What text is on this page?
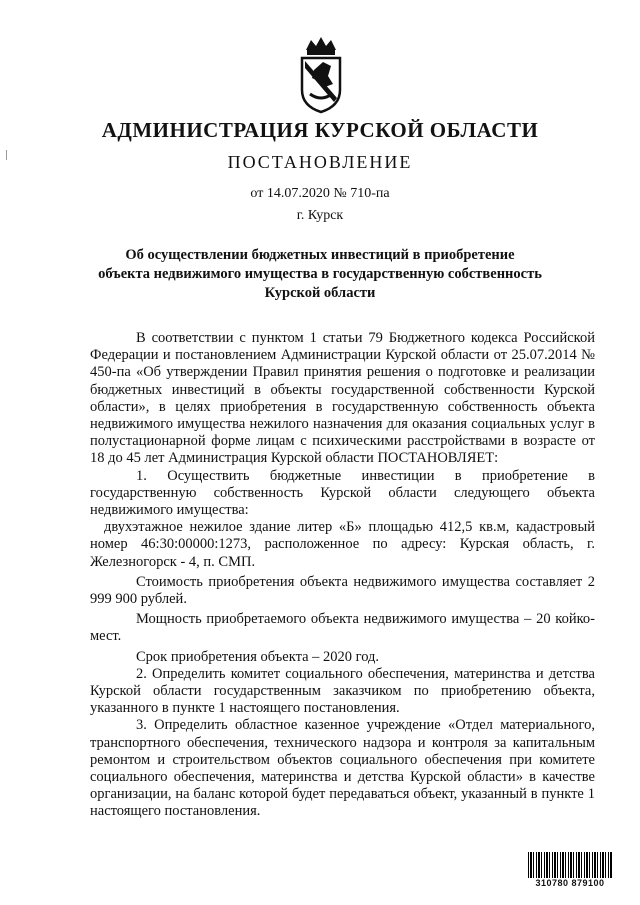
АДМИНИСТРАЦИЯ КУРСКОЙ ОБЛАСТИ
ПОСТАНОВЛЕНИЕ
от 14.07.2020 № 710-па
г. Курск
Об осуществлении бюджетных инвестиций в приобретение
объекта недвижимого имущества в государственную собственность
Курской области

В соответствии с пунктом 1 статьи 79 Бюджетного кодекса Российской Федерации и постановлением Администрации Курской области от 25.07.2014 № 450-па «Об утверждении Правил принятия решения о подготовке и реализации бюджетных инвестиций в объекты государственной собственности Курской области», в целях приобретения в государственную собственность объекта недвижимого имущества нежилого назначения для оказания социальных услуг в полустационарной форме лицам с психическими расстройствами в возрасте от 18 до 45 лет Администрация Курской области ПОСТАНОВЛЯЕТ:

1. Осуществить бюджетные инвестиции в приобретение в государственную собственность Курской области следующего объекта недвижимого имущества:

двухэтажное нежилое здание литер «Б» площадью 412,5 кв.м, кадастровый номер 46:30:00000:1273, расположенное по адресу: Курская область, г. Железногорск - 4, п. СМП.

Стоимость приобретения объекта недвижимого имущества составляет 2 999 900 рублей.

Мощность приобретаемого объекта недвижимого имущества – 20 койко-мест.

Срок приобретения объекта – 2020 год.

2. Определить комитет социального обеспечения, материнства и детства Курской области государственным заказчиком по приобретению объекта, указанного в пункте 1 настоящего постановления.

3. Определить областное казенное учреждение «Отдел материального, транспортного обеспечения, технического надзора и контроля за капитальным ремонтом и строительством объектов социального обеспечения при комитете социального обеспечения, материнства и детства Курской области» в качестве организации, на баланс которой будет передаваться объект, указанный в пункте 1 настоящего постановления.

310780 879100
